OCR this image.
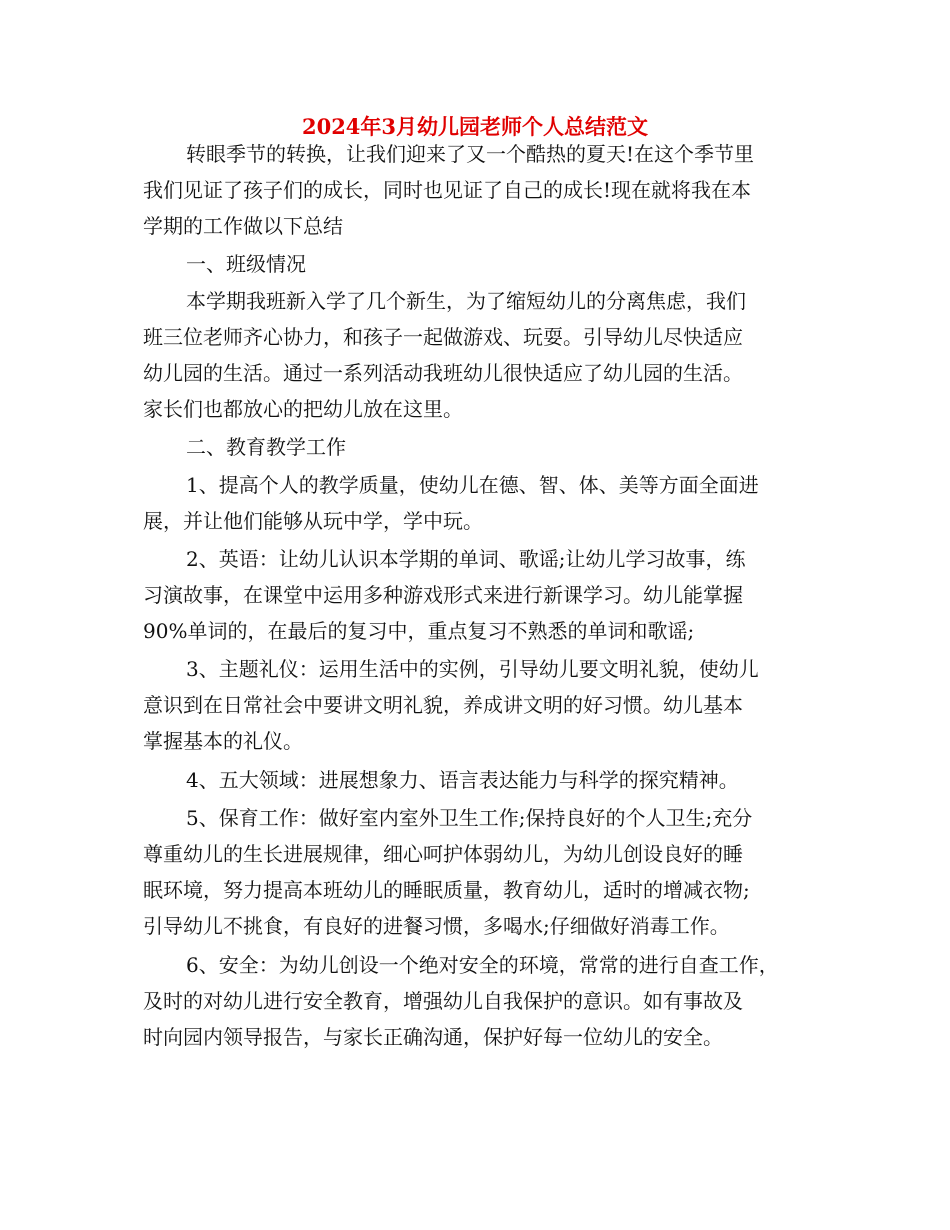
2024年3月幼儿园老师个人总结范文

转眼季节的转换，让我们迎来了又一个酷热的夏天!在这个季节里

我们见证了孩子们的成长，同时也见证了自己的成长!现在就将我在本

学期的工作做以下总结

一、班级情况

本学期我班新入学了几个新生，为了缩短幼儿的分离焦虑，我们

班三位老师齐心协力，和孩子一起做游戏、玩耍。引导幼儿尽快适应

幼儿园的生活。通过一系列活动我班幼儿很快适应了幼儿园的生活。

家长们也都放心的把幼儿放在这里。

二、教育教学工作

1、提高个人的教学质量，使幼儿在德、智、体、美等方面全面进

展，并让他们能够从玩中学，学中玩。

2、英语：让幼儿认识本学期的单词、歌谣;让幼儿学习故事，练

习演故事，在课堂中运用多种游戏形式来进行新课学习。幼儿能掌握

90%单词的，在最后的复习中，重点复习不熟悉的单词和歌谣;

3、主题礼仪：运用生活中的实例，引导幼儿要文明礼貌，使幼儿

意识到在日常社会中要讲文明礼貌，养成讲文明的好习惯。幼儿基本

掌握基本的礼仪。

4、五大领域：进展想象力、语言表达能力与科学的探究精神。

5、保育工作：做好室内室外卫生工作;保持良好的个人卫生;充分

尊重幼儿的生长进展规律，细心呵护体弱幼儿，为幼儿创设良好的睡

眠环境，努力提高本班幼儿的睡眠质量，教育幼儿，适时的增减衣物;

引导幼儿不挑食，有良好的进餐习惯，多喝水;仔细做好消毒工作。

6、安全：为幼儿创设一个绝对安全的环境，常常的进行自查工作，

及时的对幼儿进行安全教育，增强幼儿自我保护的意识。如有事故及

时向园内领导报告，与家长正确沟通，保护好每一位幼儿的安全。
